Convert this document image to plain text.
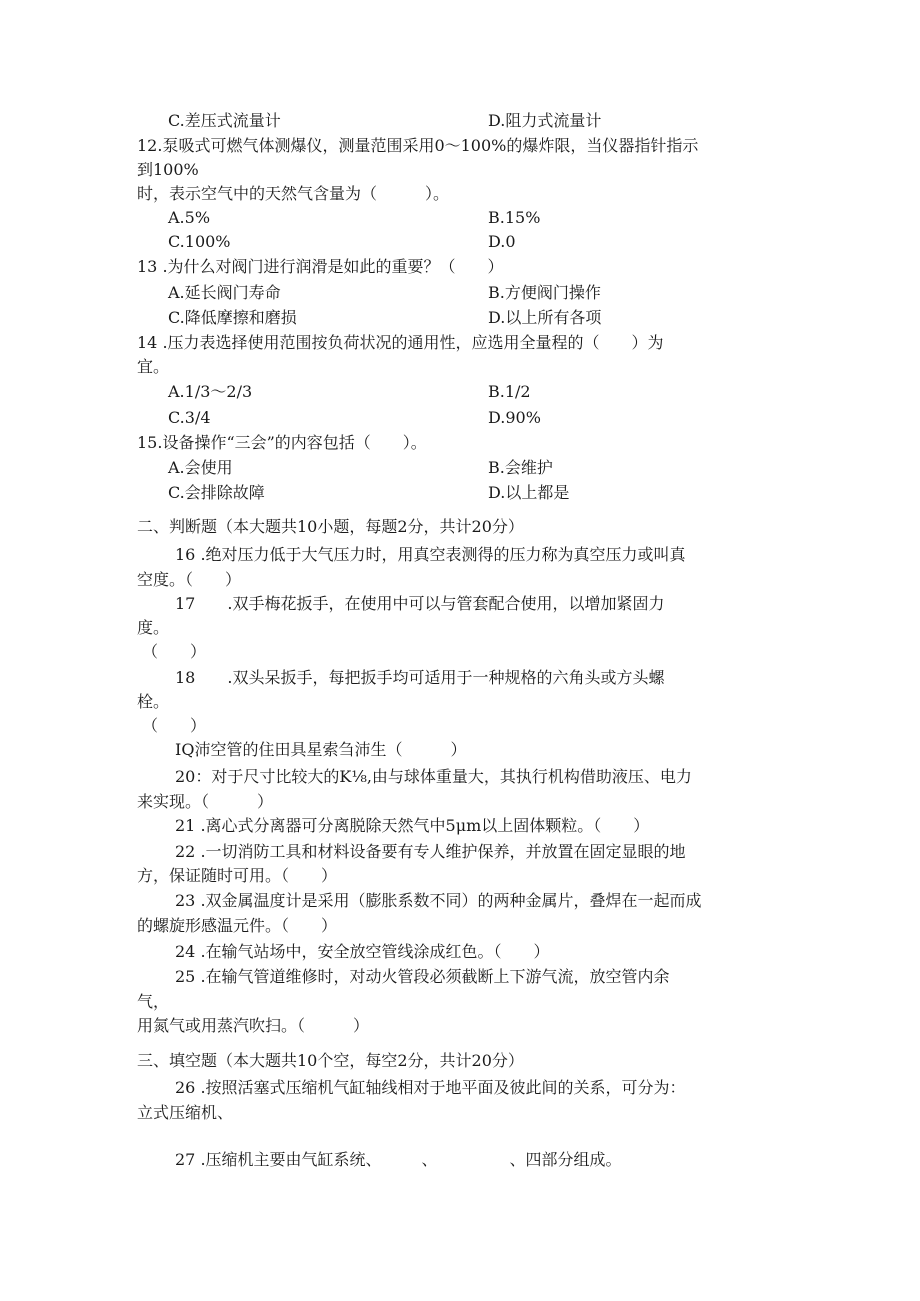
C.差压式流量计	D.阻力式流量计
12.泵吸式可燃气体测爆仪，测量范围采用0～100%的爆炸限，当仪器指针指示
到100%
时，表示空气中的天然气含量为（　　　）。
A.5%	B.15%
C.100%	D.0
13 .为什么对阀门进行润滑是如此的重要？（　　）
A.延长阀门寿命	B.方便阀门操作
C.降低摩擦和磨损	D.以上所有各项
14 .压力表选择使用范围按负荷状况的通用性，应选用全量程的（　　）为
宜。
A.1/3～2/3	B.1/2
C.3/4	D.90%
15.设备操作“三会”的内容包括（　　）。
A.会使用	B.会维护
C.会排除故障	D.以上都是
二、判断题（本大题共10小题，每题2分，共计20分）
16 .绝对压力低于大气压力时，用真空表测得的压力称为真空压力或叫真
空度。（　　）
17　　.双手梅花扳手，在使用中可以与管套配合使用，以增加紧固力
度。
（　　）
18　　.双头呆扳手，每把扳手均可适用于一种规格的六角头或方头螺
栓。
（　　）
IQ沛空管的住田具星索刍沛生（　　　）
20：对于尺寸比较大的K⅛,由与球体重量大，其执行机构借助液压、电力
来实现。（　　　）
21 .离心式分离器可分离脱除天然气中5μm以上固体颗粒。（　　）
22 .一切消防工具和材料设备要有专人维护保养，并放置在固定显眼的地
方，保证随时可用。（　　）
23 .双金属温度计是采用（膨胀系数不同）的两种金属片，叠焊在一起而成
的螺旋形感温元件。（　　）
24 .在输气站场中，安全放空管线涂成红色。（　　）
25 .在输气管道维修时，对动火管段必须截断上下游气流，放空管内余
气，
用氮气或用蒸汽吹扫。（　　　）
三、填空题（本大题共10个空，每空2分，共计20分）
26 .按照活塞式压缩机气缸轴线相对于地平面及彼此间的关系，可分为：
立式压缩机、
27 .压缩机主要由气缸系统、　　　、　　　　　、四部分组成。
